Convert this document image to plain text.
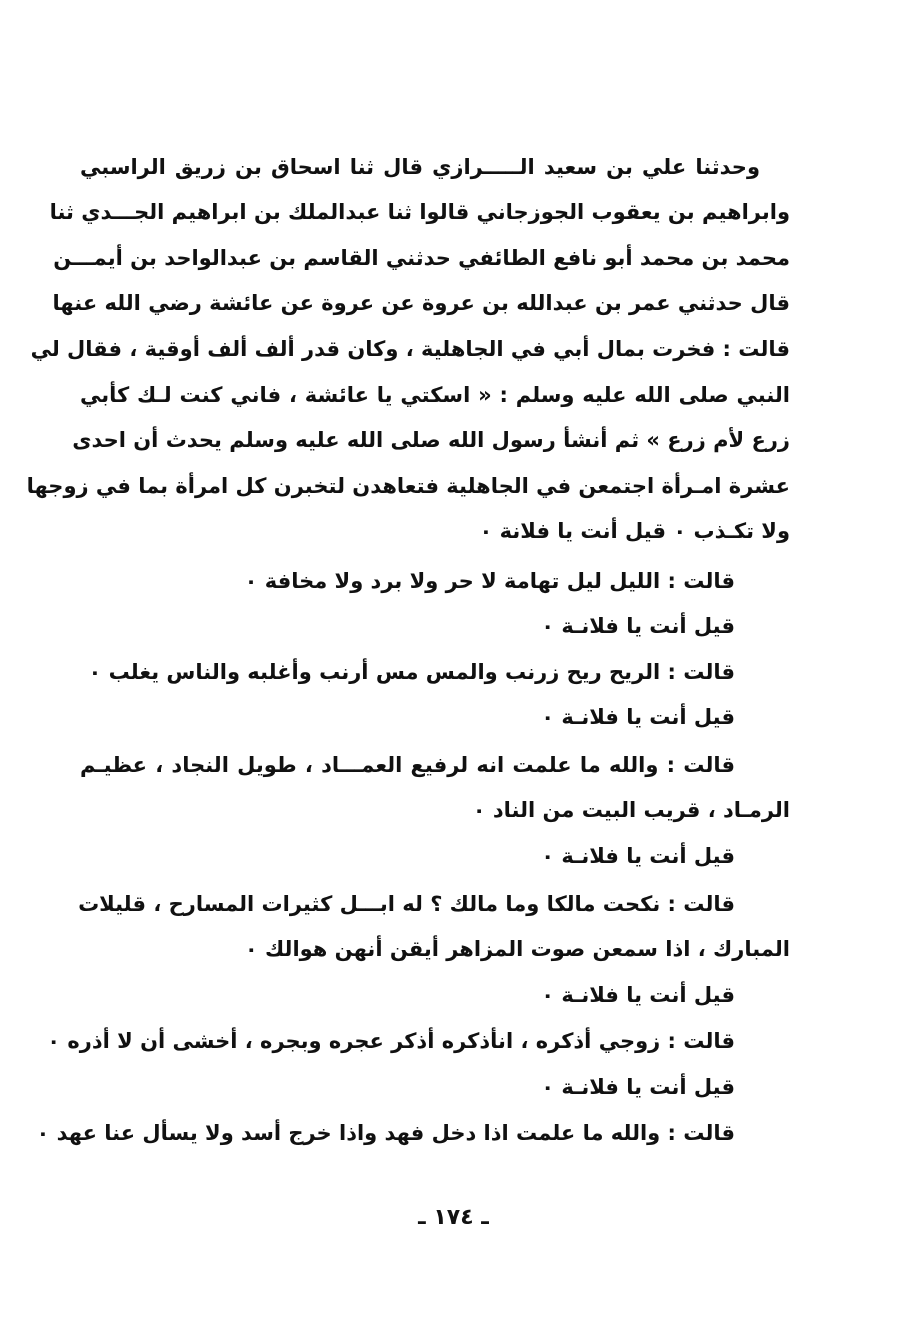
وحدثنا علي بن سعيد الـــــرازي قال ثنا اسحاق بن زريق الراسبي
وابراهيم بن يعقوب الجوزجاني قالوا ثنا عبدالملك بن ابراهيم الجـــدي ثنا
محمد بن محمد أبو نافع الطائفي حدثني القاسم بن عبدالواحد بن أيمـــن
قال حدثني عمر بن عبدالله بن عروة عن عروة عن عائشة رضي الله عنها
قالت : فخرت بمال أبي في الجاهلية ، وكان قدر ألف ألف أوقية ، فقال لي
النبي صلى الله عليه وسلم : « اسكتي يا عائشة ، فاني كنت لـك كأبي
زرع لأم زرع » ثم أنشأ رسول الله صلى الله عليه وسلم يحدث أن احدى
عشرة امـرأة اجتمعن في الجاهلية فتعاهدن لتخبرن كل امرأة بما في زوجها
ولا تكـذب ٠ قيل أنت يا فلانة ٠
قالت : الليل ليل تهامة لا حر ولا برد ولا مخافة ٠
قيل أنت يا فلانـة ٠
قالت : الريح ريح زرنب والمس مس أرنب وأغلبه والناس يغلب ٠
قيل أنت يا فلانـة ٠
قالت : والله ما علمت انه لرفيع العمـــاد ، طويل النجاد ، عظيـم
الرمـاد ، قريب البيت من الناد ٠
قيل أنت يا فلانـة ٠
قالت : نكحت مالكا وما مالك ؟ له ابـــل كثيرات المسارح ، قليلات
المبارك ، اذا سمعن صوت المزاهر أيقن أنهن هوالك ٠
قيل أنت يا فلانـة ٠
قالت : زوجي أذكره ، انأذكره أذكر عجره وبجره ، أخشى أن لا أذره ٠
قيل أنت يا فلانـة ٠
قالت : والله ما علمت اذا دخل فهد واذا خرج أسد ولا يسأل عنا عهد ٠
ـ ١٧٤ ـ
